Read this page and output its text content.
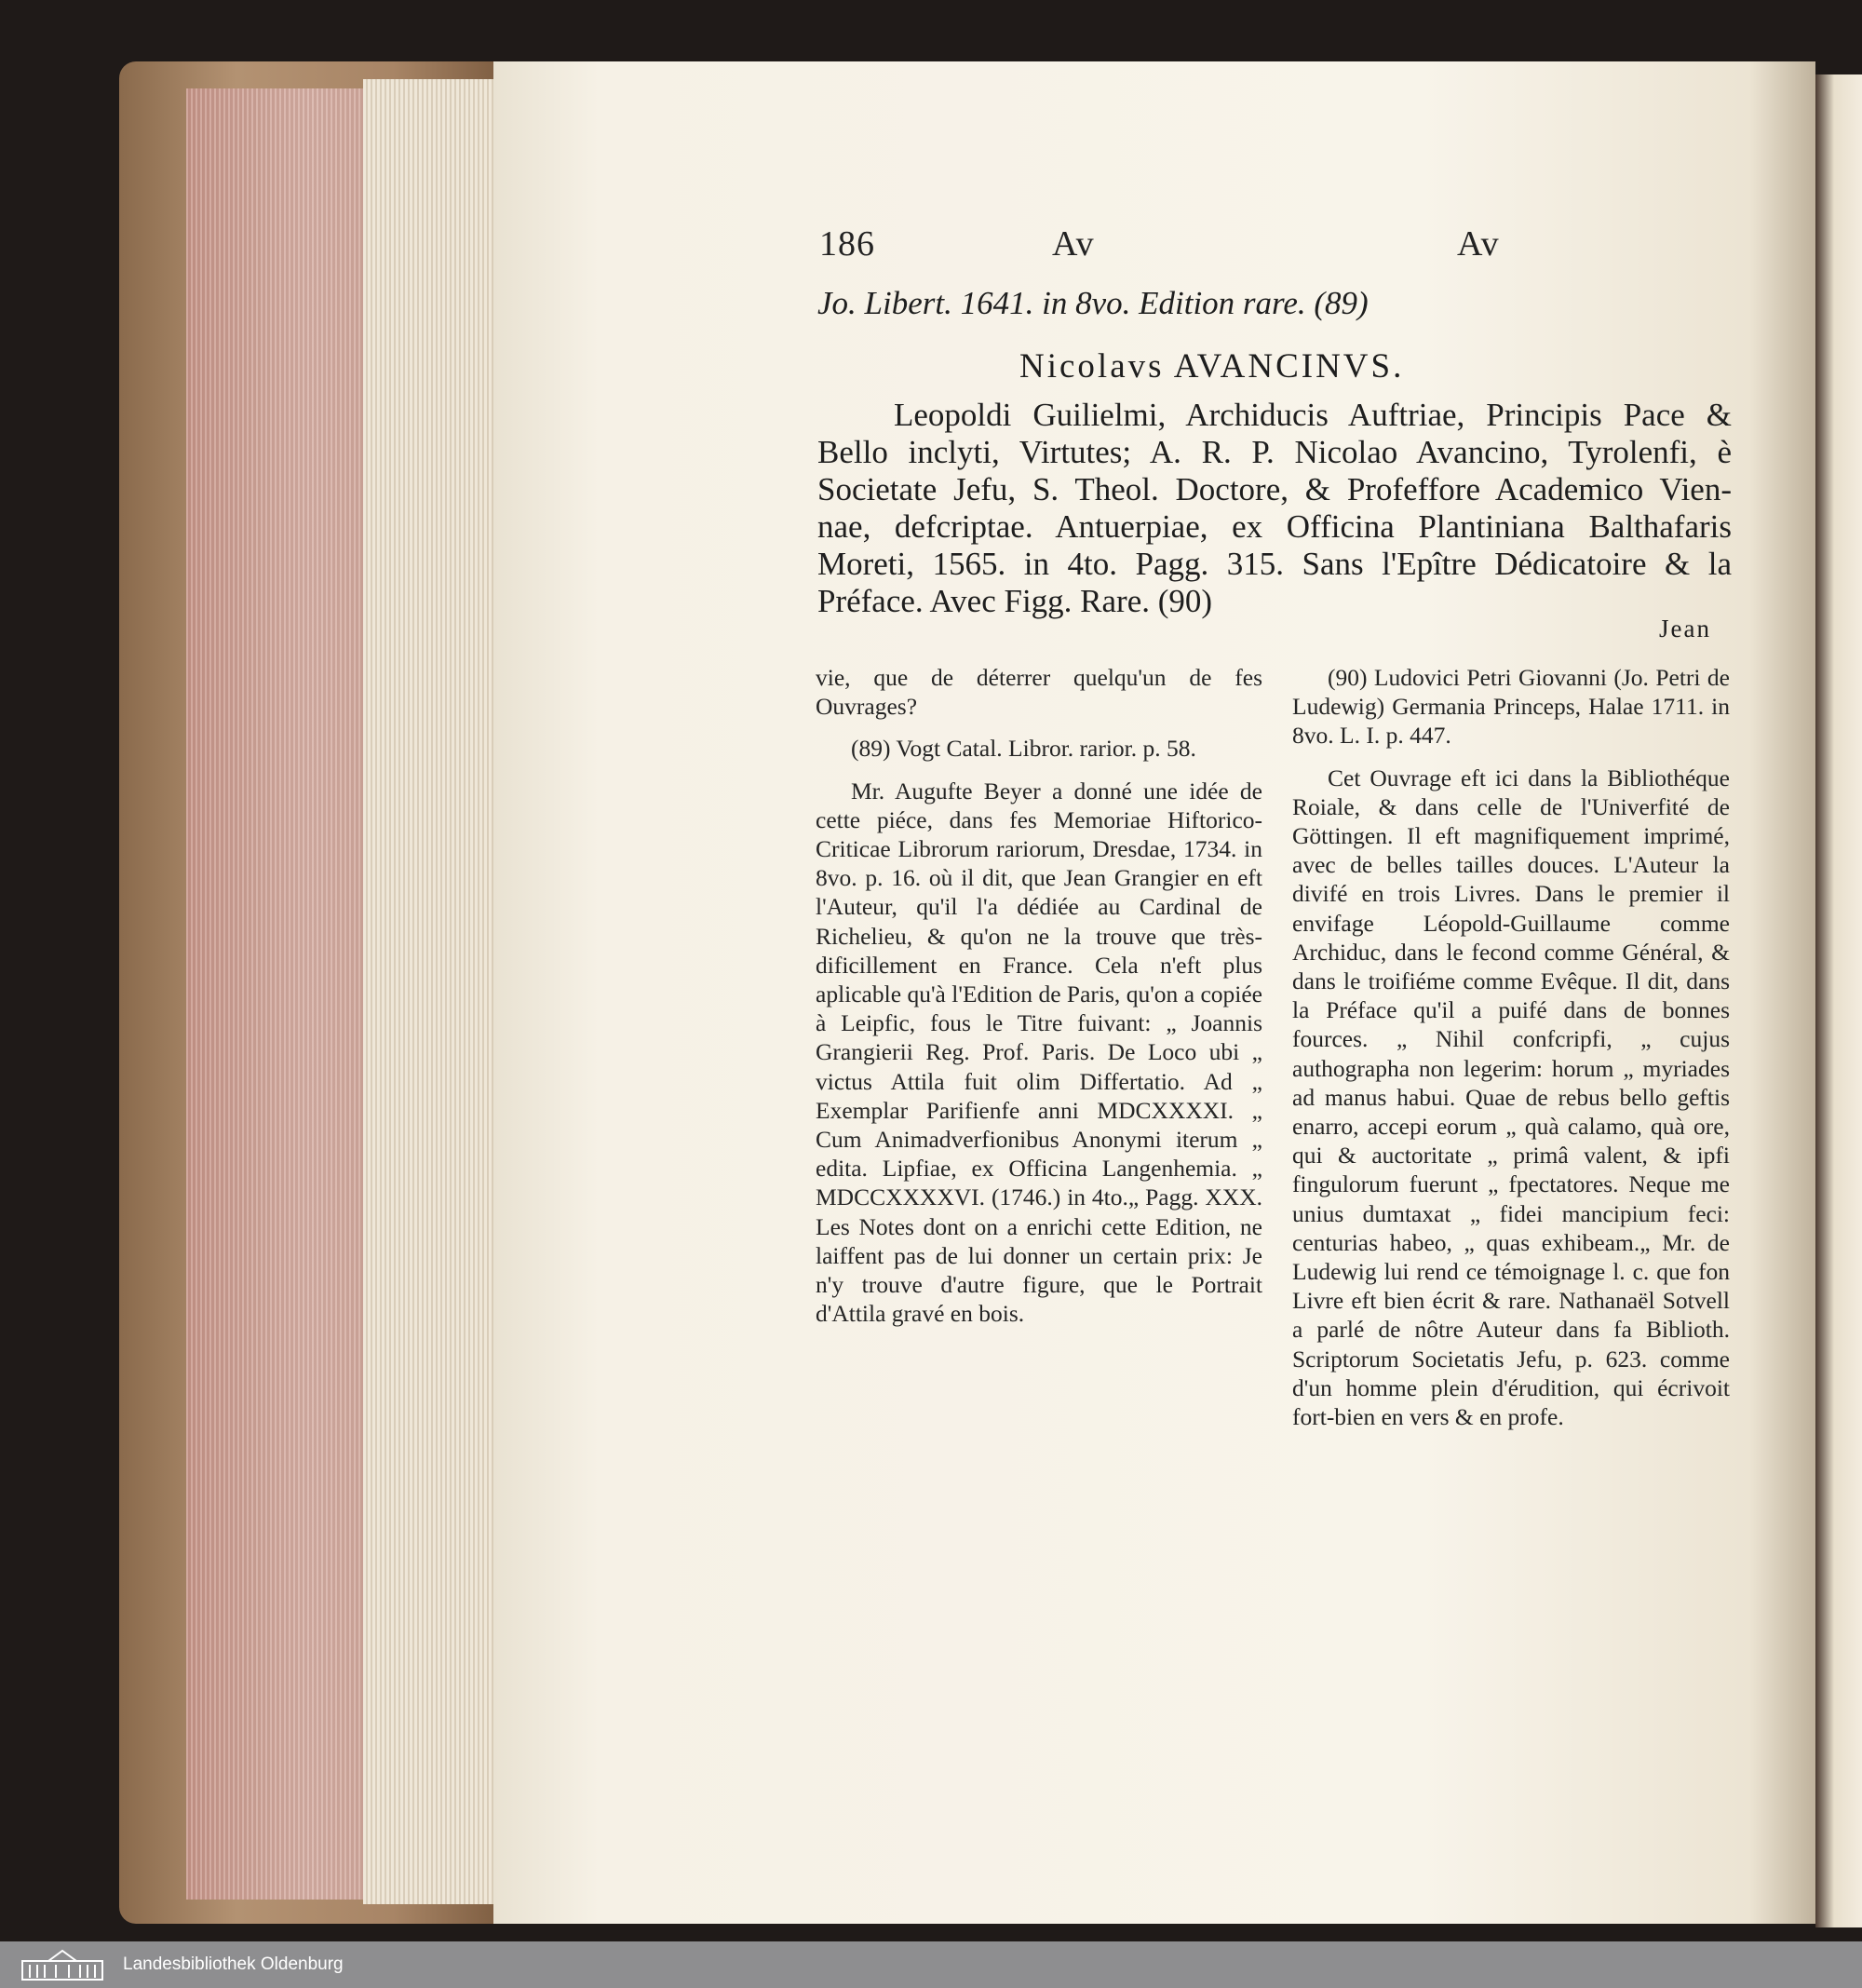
186	Av	Av
Jo. Libert. 1641. in 8vo. Edition rare. (89)
Nicolavs AVANCINVS.
Leopoldi Guilielmi, Archiducis Auftriae, Principis Pace &
Bello inclyti, Virtutes; A. R. P. Nicolao Avancino, Tyrolenfi, è
Societate Jefu, S. Theol. Doctore, & Profeffore Academico Vien-
nae, defcriptae. Antuerpiae, ex Officina Plantiniana Balthafaris
Moreti, 1565. in 4to. Pagg. 315. Sans l'Epître Dédicatoire & la
Préface. Avec Figg. Rare. (90)
Jean

vie, que de déterrer quelqu'un de fes Ouvrages?

(89) Vogt Catal. Libror. rarior. p. 58.

Mr. Augufte Beyer a donné une idée de cette piéce, dans fes Memoriae Hiftorico-Criticae Librorum rariorum, Dresdae, 1734. in 8vo. p. 16. où il dit, que Jean Grangier en eft l'Auteur, qu'il l'a dédiée au Cardinal de Richelieu, & qu'on ne la trouve que très-dificillement en France. Cela n'eft plus aplicable qu'à l'Edition de Paris, qu'on a copiée à Leipfic, fous le Titre fuivant: „ Joannis Grangierii Reg. Prof. Paris. De Loco ubi „ victus Attila fuit olim Differtatio. Ad „ Exemplar Parifienfe anni MDCXXXXI. „ Cum Animadverfionibus Anonymi iterum „ edita. Lipfiae, ex Officina Langenhemia. „ MDCCXXXXVI. (1746.) in 4to.„ Pagg. XXX. Les Notes dont on a enrichi cette Edition, ne laiffent pas de lui donner un certain prix: Je n'y trouve d'autre figure, que le Portrait d'Attila gravé en bois.

(90) Ludovici Petri Giovanni (Jo. Petri de Ludewig) Germania Princeps, Halae 1711. in 8vo. L. I. p. 447.

Cet Ouvrage eft ici dans la Bibliothéque Roiale, & dans celle de l'Univerfité de Göttingen. Il eft magnifiquement imprimé, avec de belles tailles douces. L'Auteur la divifé en trois Livres. Dans le premier il envifage Léopold-Guillaume comme Archiduc, dans le fecond comme Général, & dans le troifiéme comme Evêque. Il dit, dans la Préface qu'il a puifé dans de bonnes fources. „ Nihil confcripfi, „ cujus authographa non legerim: horum „ myriades ad manus habui. Quae de rebus bello geftis enarro, accepi eorum „ quà calamo, quà ore, qui & auctoritate „ primâ valent, & ipfi fingulorum fuerunt „ fpectatores. Neque me unius dumtaxat „ fidei mancipium feci: centurias habeo, „ quas exhibeam.„ Mr. de Ludewig lui rend ce témoignage l. c. que fon Livre eft bien écrit & rare. Nathanaël Sotvell a parlé de nôtre Auteur dans fa Biblioth. Scriptorum Societatis Jefu, p. 623. comme d'un homme plein d'érudition, qui écrivoit fort-bien en vers & en profe.

Landesbibliothek Oldenburg
